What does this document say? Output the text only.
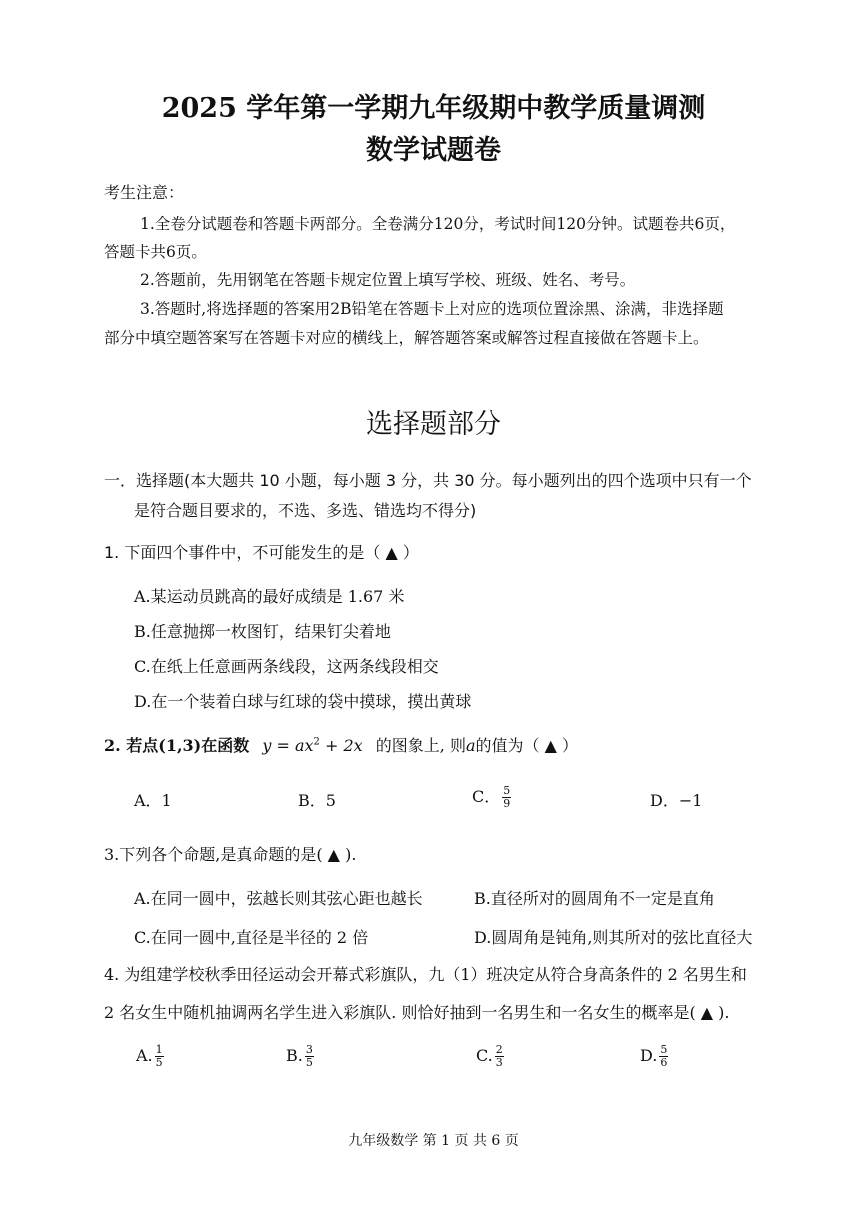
2025 学年第一学期九年级期中教学质量调测
数学试题卷
考生注意：
1.全卷分试题卷和答题卡两部分。全卷满分120分，考试时间120分钟。试题卷共6页，
答题卡共6页。
2.答题前，先用钢笔在答题卡规定位置上填写学校、班级、姓名、考号。
3.答题时,将选择题的答案用2B铅笔在答题卡上对应的选项位置涂黑、涂满，非选择题
部分中填空题答案写在答题卡对应的横线上，解答题答案或解答过程直接做在答题卡上。
选择题部分
一．选择题(本大题共 10 小题，每小题 3 分，共 30 分。每小题列出的四个选项中只有一个
是符合题目要求的，不选、多选、错选均不得分)
1. 下面四个事件中，不可能发生的是（ ▲ ）
A.某运动员跳高的最好成绩是 1.67 米
B.任意抛掷一枚图钉，结果钉尖着地
C.在纸上任意画两条线段，这两条线段相交
D.在一个装着白球与红球的袋中摸球，摸出黄球
2. 若点(1,3)在函数 $y = ax^2 + 2x$ 的图象上, 则a的值为（ ▲ ）
A．1	B．5	C． $\frac{5}{9}$	D．−1
3.下列各个命题,是真命题的是( ▲ ).
A.在同一圆中，弦越长则其弦心距也越长	B.直径所对的圆周角不一定是直角
C.在同一圆中,直径是半径的 2 倍	D.圆周角是钝角,则其所对的弦比直径大
4. 为组建学校秋季田径运动会开幕式彩旗队，九（1）班决定从符合身高条件的 2 名男生和
2 名女生中随机抽调两名学生进入彩旗队. 则恰好抽到一名男生和一名女生的概率是( ▲ ).
A. $\frac{1}{5}$	B. $\frac{3}{5}$	C. $\frac{2}{3}$	D. $\frac{5}{6}$
九年级数学 第 1 页 共 6 页
